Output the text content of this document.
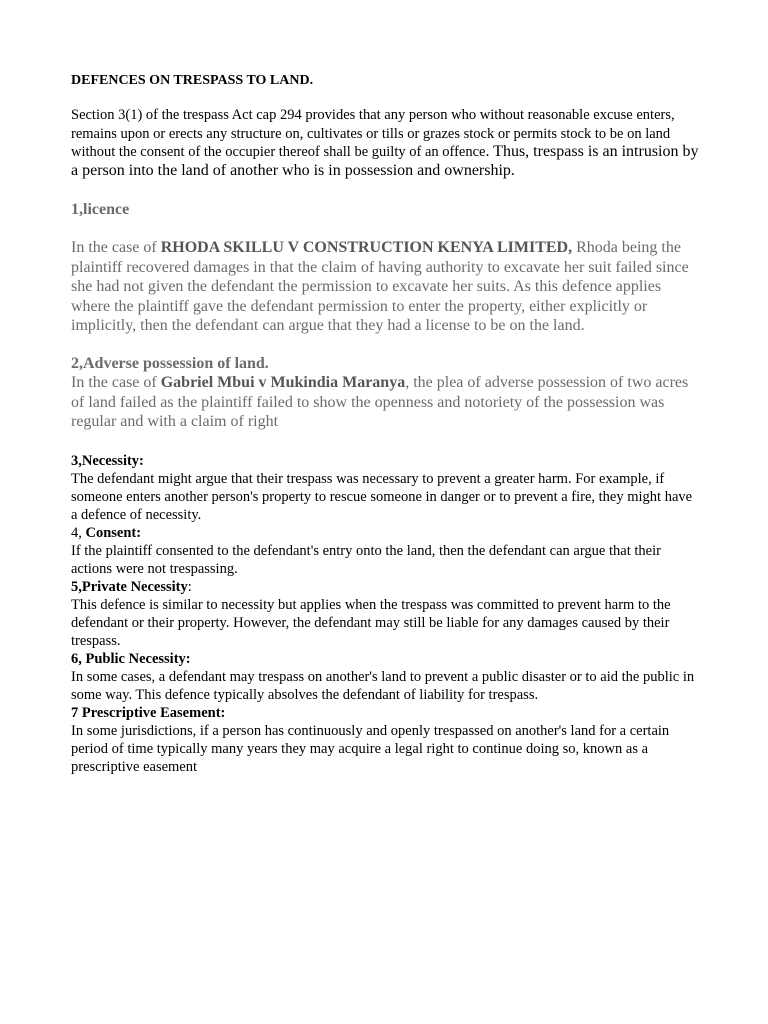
DEFENCES ON TRESPASS TO LAND.

Section 3(1) of the trespass Act cap 294 provides that any person who without reasonable excuse enters, remains upon or erects any structure on, cultivates or tills or grazes stock or permits stock to be on land without the consent of the occupier thereof shall be guilty of an offence. Thus, trespass is an intrusion by a person into the land of another who is in possession and ownership.

1,licence

In the case of RHODA SKILLU V CONSTRUCTION KENYA LIMITED, Rhoda being the plaintiff recovered damages in that the claim of having authority to excavate her suit failed since she had not given the defendant the permission to excavate her suits. As this defence applies where the plaintiff gave the defendant permission to enter the property, either explicitly or implicitly, then the defendant can argue that they had a license to be on the land.

2,Adverse possession of land.

In the case of Gabriel Mbui v Mukindia Maranya, the plea of adverse possession of two acres of land failed as the plaintiff failed to show the openness and notoriety of the possession was regular and with a claim of right

3,Necessity:

The defendant might argue that their trespass was necessary to prevent a greater harm. For example, if someone enters another person's property to rescue someone in danger or to prevent a fire, they might have a defence of necessity.

4, Consent:

If the plaintiff consented to the defendant's entry onto the land, then the defendant can argue that their actions were not trespassing.

5,Private Necessity:

This defence is similar to necessity but applies when the trespass was committed to prevent harm to the defendant or their property. However, the defendant may still be liable for any damages caused by their trespass.

6, Public Necessity:

In some cases, a defendant may trespass on another's land to prevent a public disaster or to aid the public in some way. This defence typically absolves the defendant of liability for trespass.

7 Prescriptive Easement:

In some jurisdictions, if a person has continuously and openly trespassed on another's land for a certain period of time typically many years they may acquire a legal right to continue doing so, known as a prescriptive easement
